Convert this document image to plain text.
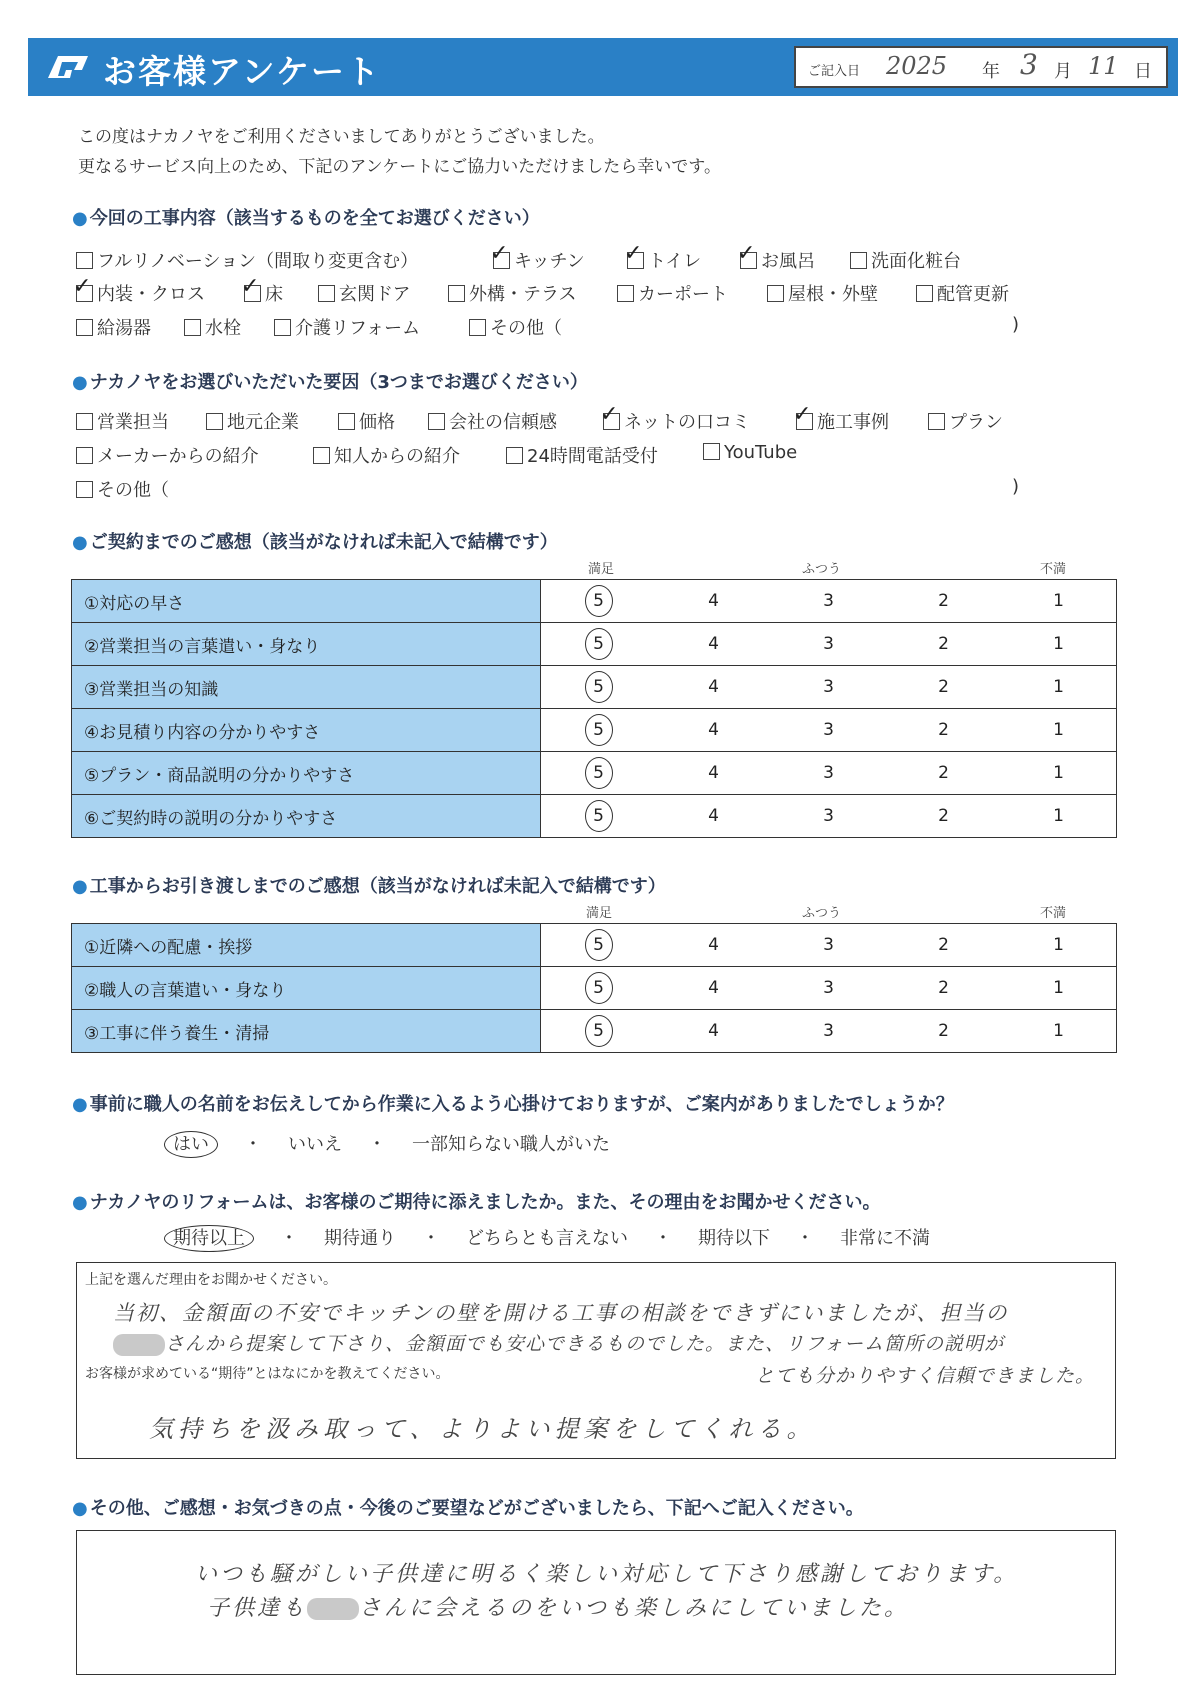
お客様アンケート	ご記入日 2025 年 3 月 11 日
この度はナカノヤをご利用くださいましてありがとうございました。
更なるサービス向上のため、下記のアンケートにご協力いただけましたら幸いです。
● 今回の工事内容（該当するものを全てお選びください）
フルリノベーション（間取り変更含む） ✓	キッチン ✓	トイレ ✓	お風呂	洗面化粧台
✓内装・クロス ✓	床	玄関ドア	外構・テラス	カーポート	屋根・外壁	配管更新
給湯器	水栓	介護リフォーム	その他（
● ナカノヤをお選びいただいた要因（3つまでお選びください）
営業担当	地元企業	価格	会社の信頼感 ✓	ネットの口コミ ✓	施工事例	プラン
メーカーからの紹介	知人からの紹介	24時間電話受付	YouTube
その他（
● ご契約までのご感想（該当がなければ未記入で結構です）
満足	ふつう	不満
①対応の早さ	5	4	3	2	1
②営業担当の言葉遣い・身なり	5	4	3	2	1
③営業担当の知識	5	4	3	2	1
④お見積り内容の分かりやすさ	5	4	3	2	1
⑤プラン・商品説明の分かりやすさ	5	4	3	2	1
⑥ご契約時の説明の分かりやすさ	5	4	3	2	1
● 工事からお引き渡しまでのご感想（該当がなければ未記入で結構です）
満足	ふつう	不満
①近隣への配慮・挨拶	5	4	3	2	1
②職人の言葉遣い・身なり	5	4	3	2	1
③工事に伴う養生・清掃	5	4	3	2	1
● 事前に職人の名前をお伝えしてから作業に入るよう心掛けておりますが、ご案内がありましたでしょうか？
はい ・ いいえ ・ 一部知らない職人がいた
● ナカノヤのリフォームは、お客様のご期待に添えましたか。また、その理由をお聞かせください。
期待以上 ・ 期待通り ・ どちらとも言えない ・ 期待以下 ・ 非常に不満
上記を選んだ理由をお聞かせください。
当初、金額面の不安でキッチンの壁を開ける工事の相談をできずにいましたが、担当の
さんから提案して下さり、金額面でも安心できるものでした。また、リフォーム箇所の説明が
お客様が求めている“期待”とはなにかを教えてください。	とても分かりやすく信頼できました。
気持ちを汲み取って、よりよい提案をしてくれる。
● その他、ご感想・お気づきの点・今後のご要望などがございましたら、下記へご記入ください。
いつも騒がしい子供達に明るく楽しい対応して下さり感謝しております。
子供達も さんに会えるのをいつも楽しみにしていました。
)
)
